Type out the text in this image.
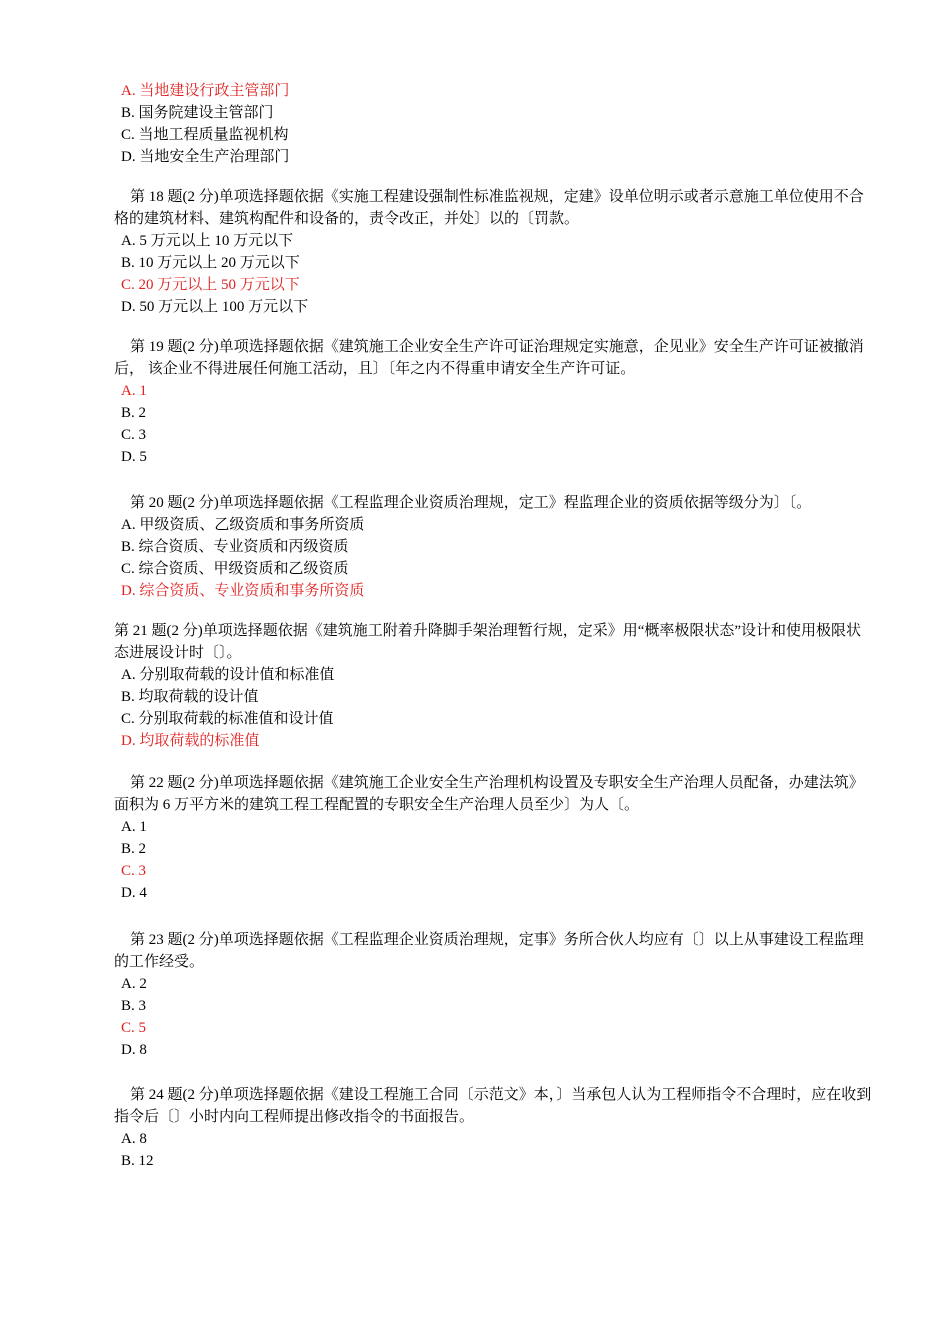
A. 当地建设行政主管部门

B. 国务院建设主管部门

C. 当地工程质量监视机构

D. 当地安全生产治理部门

第 18 题(2 分)单项选择题依据《实施工程建设强制性标准监视规，定建》设单位明示或者示意施工单位使用不合格的建筑材料、建筑构配件和设备的，责令改正，并处〕以的〔罚款。

A. 5 万元以上 10 万元以下

B. 10 万元以上 20 万元以下

C. 20 万元以上 50 万元以下

D. 50 万元以上 100 万元以下

第 19 题(2 分)单项选择题依据《建筑施工企业安全生产许可证治理规定实施意，企见业》安全生产许可证被撤消后， 该企业不得进展任何施工活动，且〕〔年之内不得重申请安全生产许可证。

A. 1

B. 2

C. 3

D. 5

第 20 题(2 分)单项选择题依据《工程监理企业资质治理规，定工》程监理企业的资质依据等级分为〕〔。

A. 甲级资质、乙级资质和事务所资质

B. 综合资质、专业资质和丙级资质

C. 综合资质、甲级资质和乙级资质

D. 综合资质、专业资质和事务所资质

第 21 题(2 分)单项选择题依据《建筑施工附着升降脚手架治理暂行规，定采》用“概率极限状态”设计和使用极限状态进展设计时〔〕。

A. 分别取荷载的设计值和标准值

B. 均取荷载的设计值

C. 分别取荷载的标准值和设计值

D. 均取荷载的标准值

第 22 题(2 分)单项选择题依据《建筑施工企业安全生产治理机构设置及专职安全生产治理人员配备，办建法筑》面积为 6 万平方米的建筑工程工程配置的专职安全生产治理人员至少〕为人〔。

A. 1

B. 2

C. 3

D. 4

第 23 题(2 分)单项选择题依据《工程监理企业资质治理规，定事》务所合伙人均应有〔〕以上从事建设工程监理的工作经受。

A. 2

B. 3

C. 5

D. 8

第 24 题(2 分)单项选择题依据《建设工程施工合同〔示范文》本，〕当承包人认为工程师指令不合理时，应在收到指令后〔〕小时内向工程师提出修改指令的书面报告。

A. 8

B. 12
